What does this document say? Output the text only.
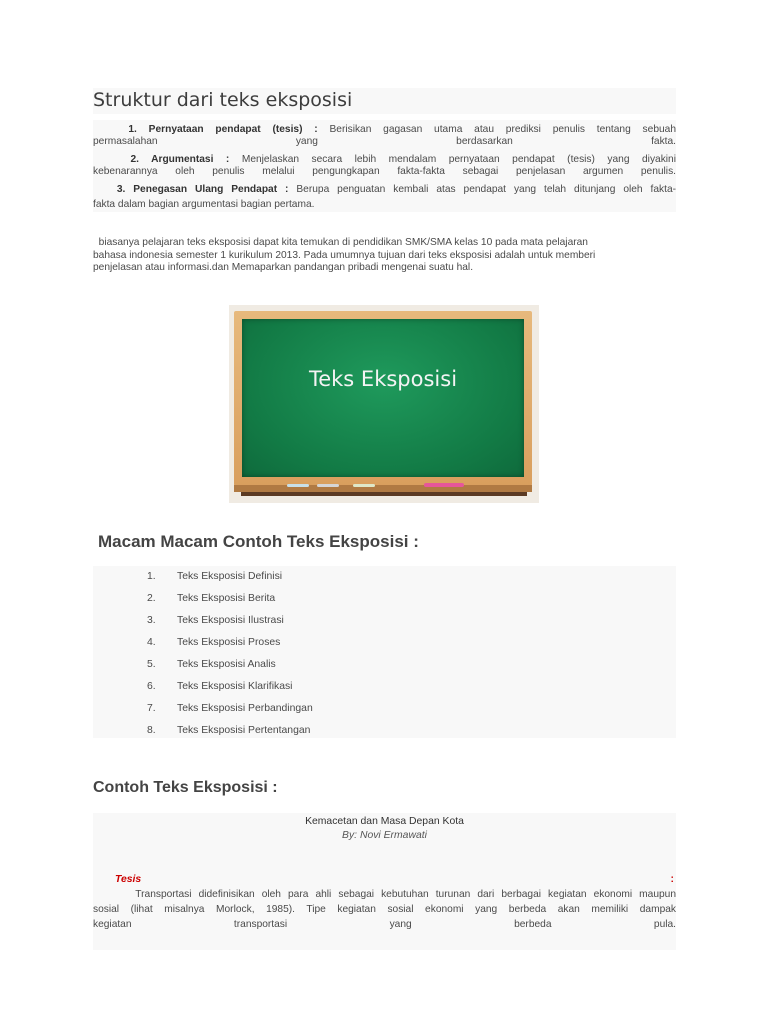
Struktur dari teks eksposisi
1. Pernyataan pendapat (tesis) : Berisikan gagasan utama atau prediksi penulis tentang sebuah
permasalahan yang berdasarkan fakta.
2. Argumentasi : Menjelaskan secara lebih mendalam pernyataan pendapat (tesis) yang diyakini
kebenarannya oleh penulis melalui pengungkapan fakta-fakta sebagai penjelasan argumen penulis.
3. Penegasan Ulang Pendapat : Berupa penguatan kembali atas pendapat yang telah ditunjang oleh fakta-
fakta dalam bagian argumentasi bagian pertama.
biasanya pelajaran teks eksposisi dapat kita temukan di pendidikan SMK/SMA kelas 10 pada mata pelajaran
bahasa indonesia semester 1 kurikulum 2013. Pada umumnya tujuan dari teks eksposisi adalah untuk memberi
penjelasan atau informasi.dan Memaparkan pandangan pribadi mengenai suatu hal.
Teks Eksposisi
Macam Macam Contoh Teks Eksposisi :
1. Teks Eksposisi Definisi
2. Teks Eksposisi Berita
3. Teks Eksposisi Ilustrasi
4. Teks Eksposisi Proses
5. Teks Eksposisi Analis
6. Teks Eksposisi Klarifikasi
7. Teks Eksposisi Perbandingan
8. Teks Eksposisi Pertentangan
Contoh Teks Eksposisi :
Kemacetan dan Masa Depan Kota
By: Novi Ermawati
Tesis	:
Transportasi didefinisikan oleh para ahli sebagai kebutuhan turunan dari berbagai kegiatan ekonomi maupun
sosial (lihat misalnya Morlock, 1985). Tipe kegiatan sosial ekonomi yang berbeda akan memiliki dampak
kegiatan transportasi yang berbeda pula.
